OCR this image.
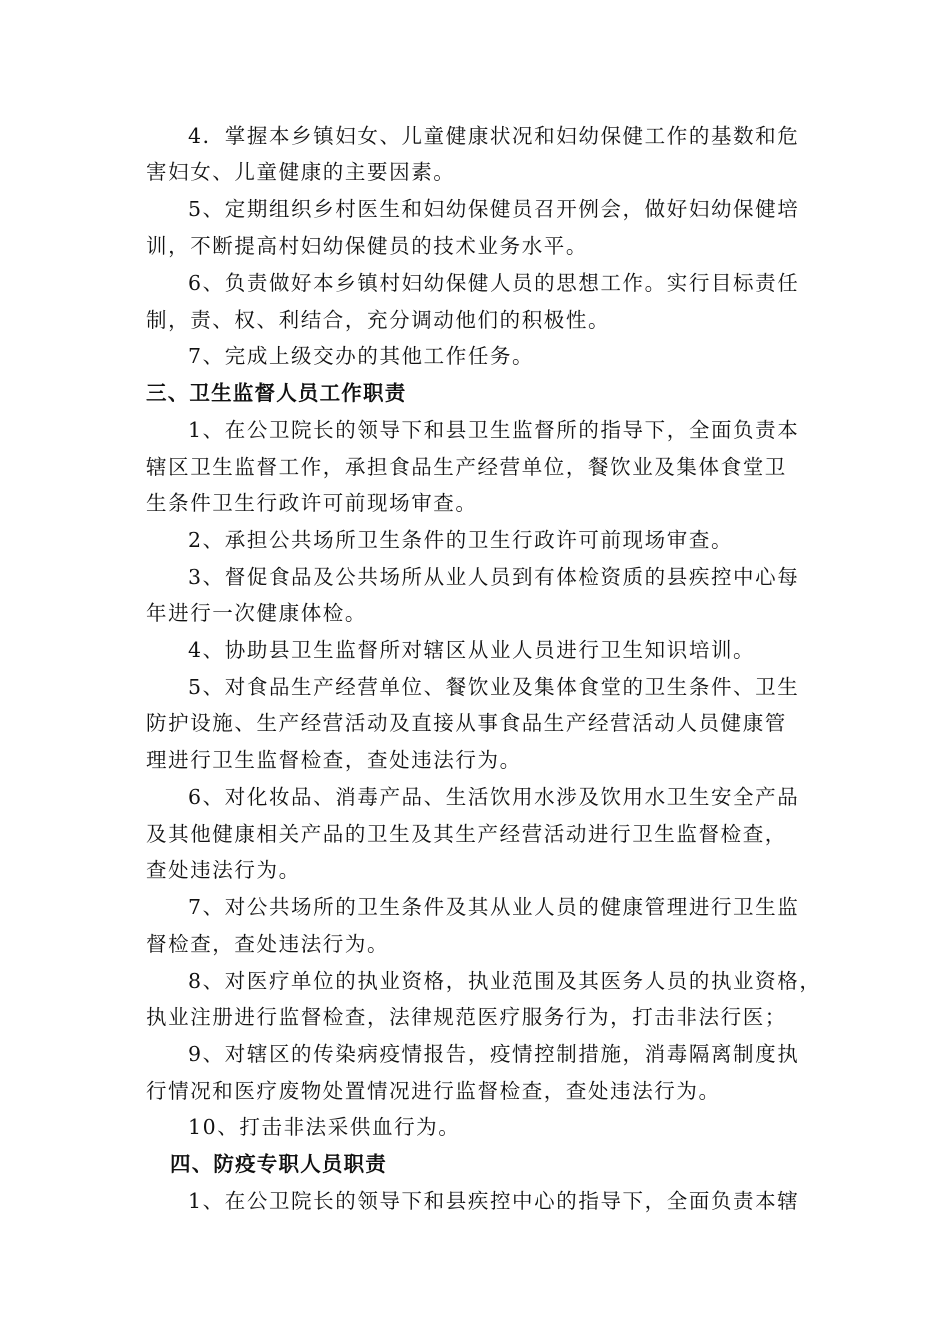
4．掌握本乡镇妇女、儿童健康状况和妇幼保健工作的基数和危
害妇女、儿童健康的主要因素。
5、定期组织乡村医生和妇幼保健员召开例会，做好妇幼保健培
训，不断提高村妇幼保健员的技术业务水平。
6、负责做好本乡镇村妇幼保健人员的思想工作。实行目标责任
制，责、权、利结合，充分调动他们的积极性。
7、完成上级交办的其他工作任务。
三、卫生监督人员工作职责
1、在公卫院长的领导下和县卫生监督所的指导下，全面负责本
辖区卫生监督工作，承担食品生产经营单位，餐饮业及集体食堂卫
生条件卫生行政许可前现场审查。
2、承担公共场所卫生条件的卫生行政许可前现场审查。
3、督促食品及公共场所从业人员到有体检资质的县疾控中心每
年进行一次健康体检。
4、协助县卫生监督所对辖区从业人员进行卫生知识培训。
5、对食品生产经营单位、餐饮业及集体食堂的卫生条件、卫生
防护设施、生产经营活动及直接从事食品生产经营活动人员健康管
理进行卫生监督检查，查处违法行为。
6、对化妆品、消毒产品、生活饮用水涉及饮用水卫生安全产品
及其他健康相关产品的卫生及其生产经营活动进行卫生监督检查，
查处违法行为。
7、对公共场所的卫生条件及其从业人员的健康管理进行卫生监
督检查，查处违法行为。
8、对医疗单位的执业资格，执业范围及其医务人员的执业资格，
执业注册进行监督检查，法律规范医疗服务行为，打击非法行医；
9、对辖区的传染病疫情报告，疫情控制措施，消毒隔离制度执
行情况和医疗废物处置情况进行监督检查，查处违法行为。
10、打击非法采供血行为。
四、防疫专职人员职责
1、在公卫院长的领导下和县疾控中心的指导下，全面负责本辖
